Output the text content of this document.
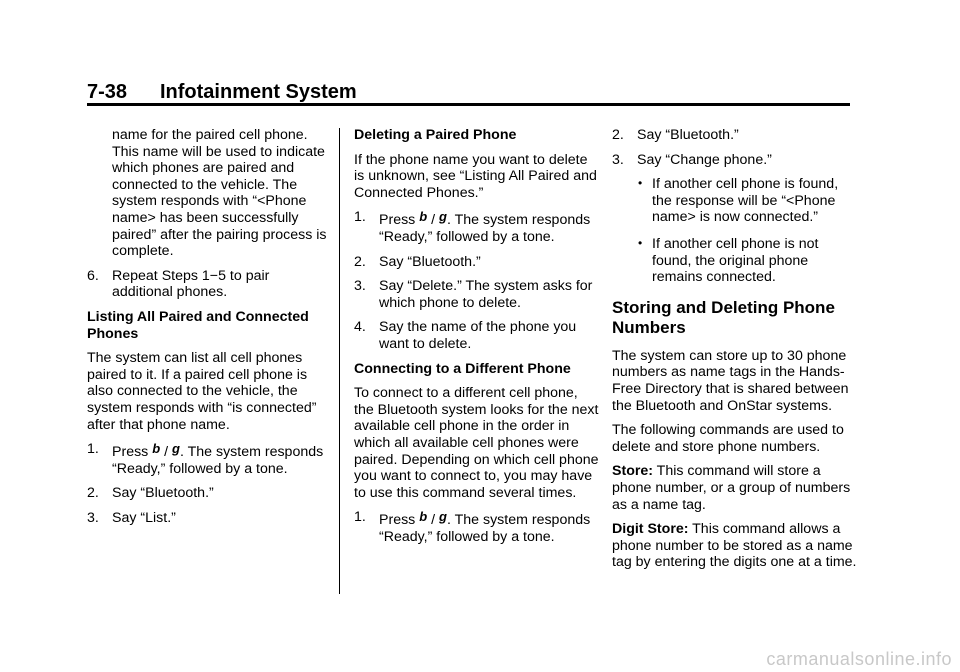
7-38 Infotainment System

name for the paired cell phone. This name will be used to indicate which phones are paired and connected to the vehicle. The system responds with “<Phone name> has been successfully paired” after the pairing process is complete.

6. Repeat Steps 1−5 to pair additional phones.

Listing All Paired and Connected Phones

The system can list all cell phones paired to it. If a paired cell phone is also connected to the vehicle, the system responds with “is connected” after that phone name.

1. Press b / g. The system responds “Ready,” followed by a tone.
2. Say “Bluetooth.”
3. Say “List.”

Deleting a Paired Phone

If the phone name you want to delete is unknown, see “Listing All Paired and Connected Phones.”

1. Press b / g. The system responds “Ready,” followed by a tone.
2. Say “Bluetooth.”
3. Say “Delete.” The system asks for which phone to delete.
4. Say the name of the phone you want to delete.

Connecting to a Different Phone

To connect to a different cell phone, the Bluetooth system looks for the next available cell phone in the order in which all available cell phones were paired. Depending on which cell phone you want to connect to, you may have to use this command several times.

1. Press b / g. The system responds “Ready,” followed by a tone.
2. Say “Bluetooth.”
3. Say “Change phone.”
• If another cell phone is found, the response will be “<Phone name> is now connected.”
• If another cell phone is not found, the original phone remains connected.
Storing and Deleting Phone Numbers

The system can store up to 30 phone numbers as name tags in the Hands-Free Directory that is shared between the Bluetooth and OnStar systems.

The following commands are used to delete and store phone numbers.

Store: This command will store a phone number, or a group of numbers as a name tag.

Digit Store: This command allows a phone number to be stored as a name tag by entering the digits one at a time.

carmanualsonline.info
